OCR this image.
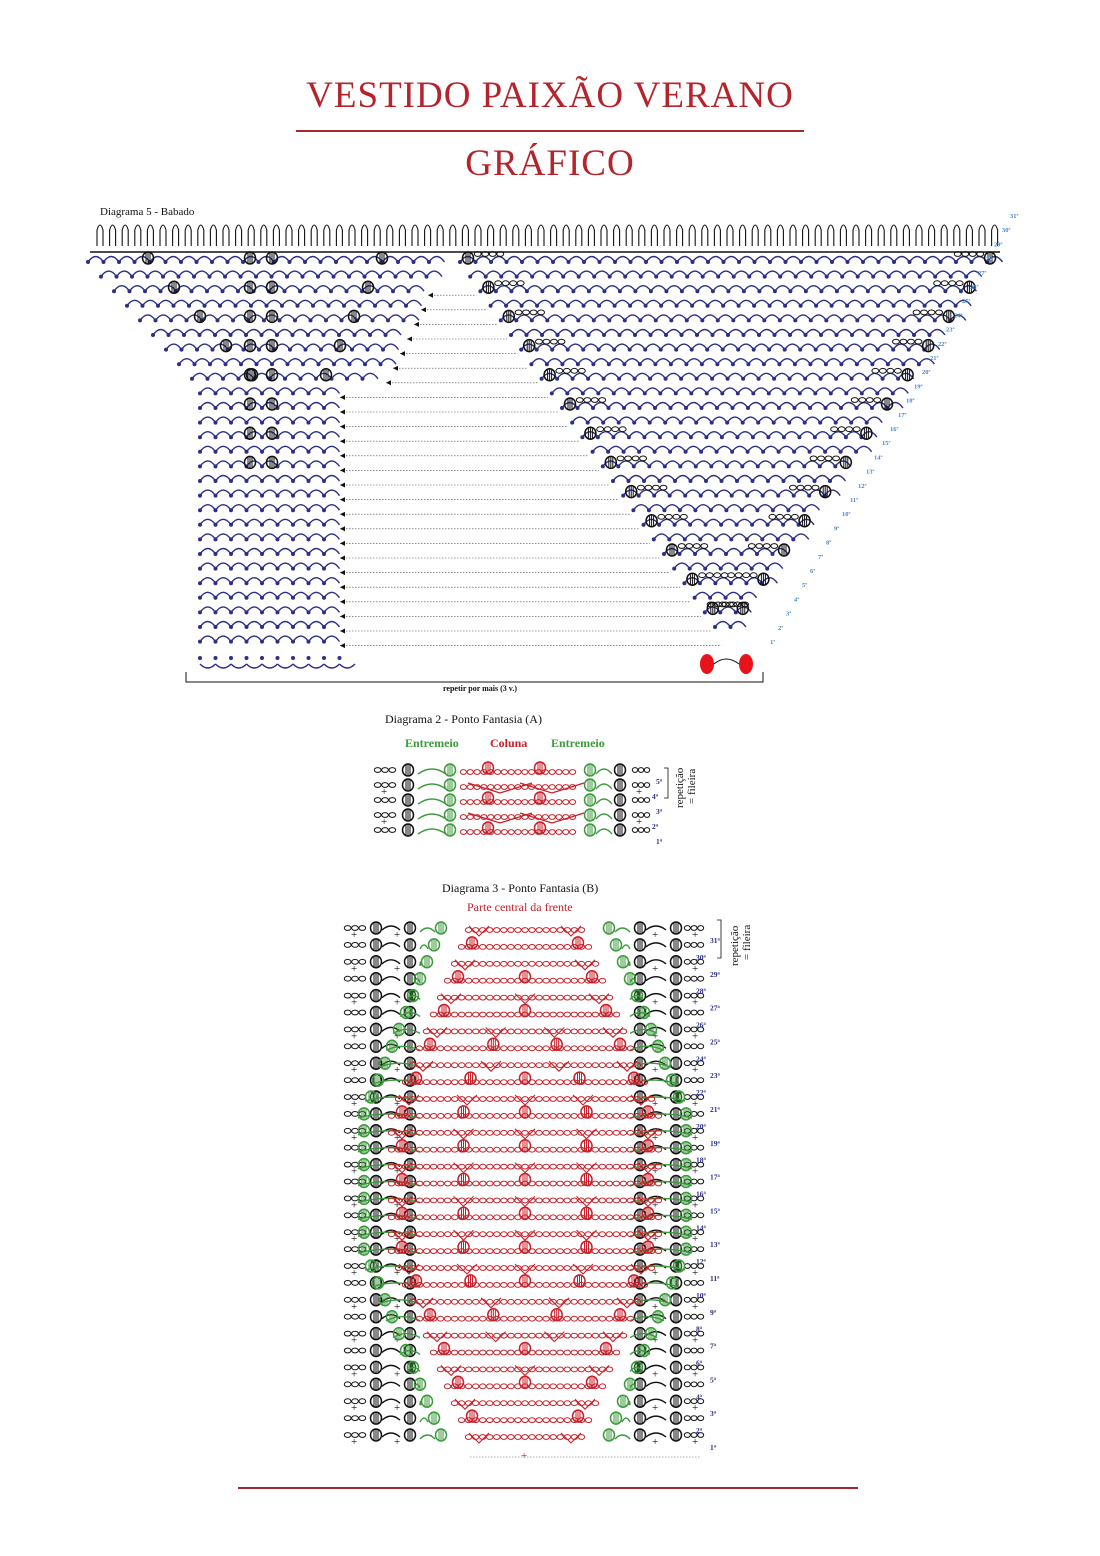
VESTIDO PAIXÃO VERANO
GRÁFICO
Diagrama 5 - Babado
1ª
2ª
3ª
4ª
5ª
6ª
7ª
8ª
9ª
10ª
11ª
12ª
13ª
14ª
15ª
16ª
17ª
18ª
19ª
20ª
21ª
22ª
23ª
24ª
25ª
26ª
27ª
28ª
29ª
30ª
31ª
repetir por mais (3 v.)
Diagrama 2 - Ponto Fantasia (A)
Entremeio	Coluna Entremeio
+	+
+	+
1ª
2ª
3ª
4ª
5ª repetição = fileira
Diagrama 3 - Ponto Fantasia (B)
Parte central da frente
+	+	+	+
+	+	+	+
+	+	+	+
+	+	+	+
+	+	+	+
+	+	+	+
+	+	+	+
+	+	+	+
+	+	+	+
+	+	+	+
+	+	+	+
+	+	+	+
+	+	+	+
+	+	+	+
+	+	+	+
+	+	+	+
+
1ª
2ª
3ª
4ª
5ª
6ª
7ª
8ª
9ª
10ª
11ª
12ª
13ª
14ª
15ª
16ª
17ª
18ª
19ª
20ª
21ª
22ª
23ª
24ª
25ª
26ª
27ª
28ª
29ª
30ª
31ª repetição = fileira
